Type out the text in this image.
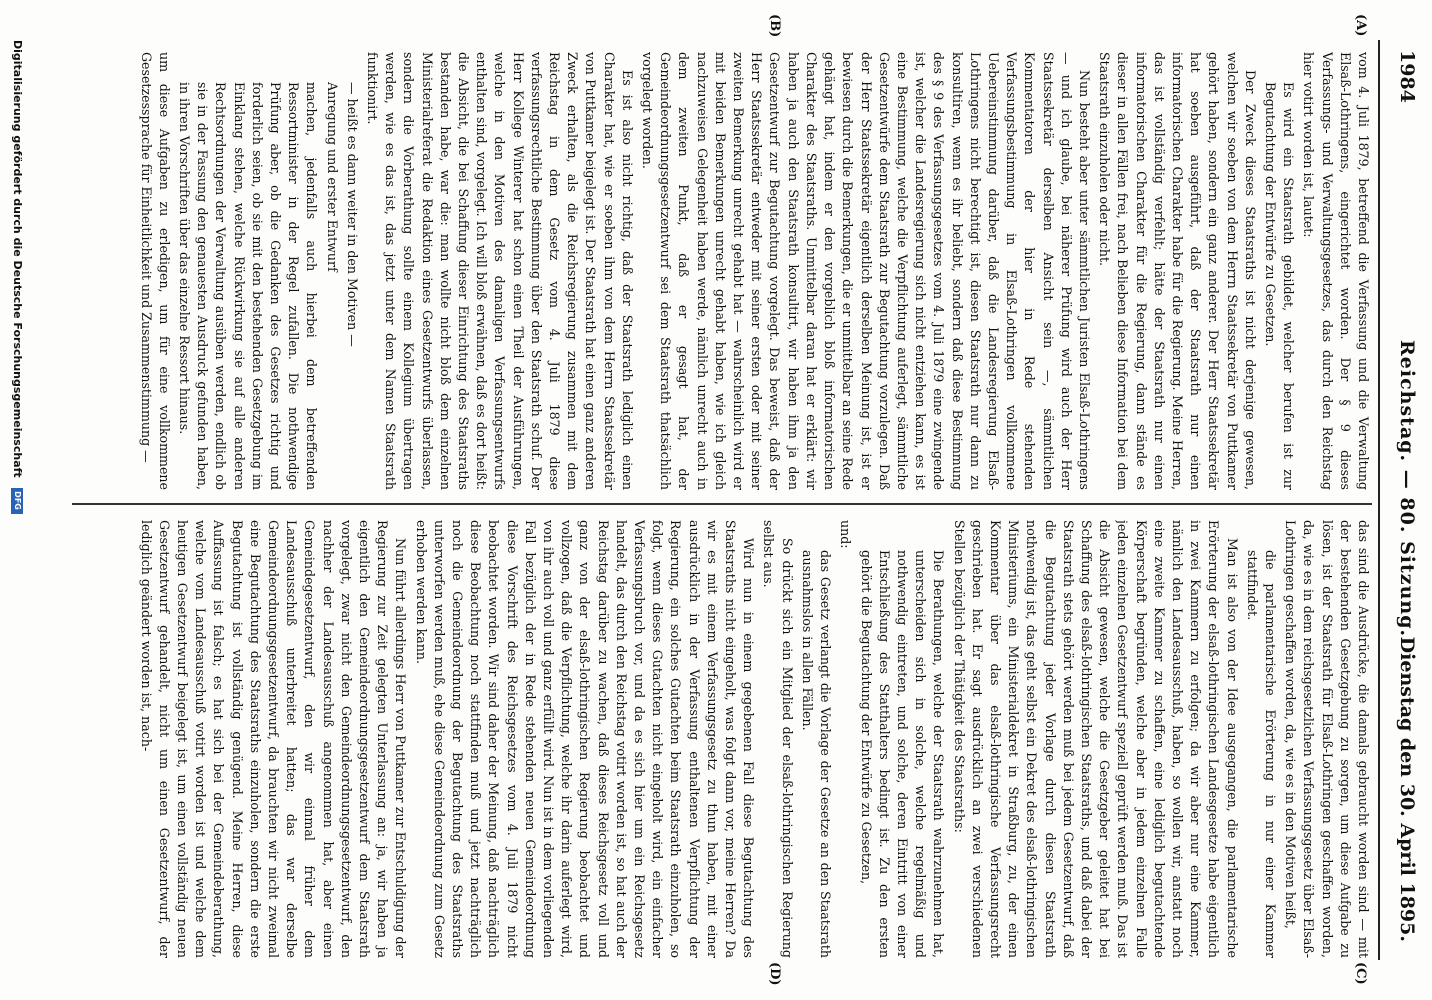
1984
Reichstag. — 80. Sitzung.
Dienstag den 30. April 1895.
(A)
(B)
(C)
(D)

vom 4. Juli 1879, betreffend die Verfassung und die Verwaltung Elsaß-Lothringens, eingerichtet worden. Der § 9 dieses Verfassungs- und Verwaltungsgesetzes, das durch den Reichstag hier votirt worden ist, lautet:

Es wird ein Staatsrath gebildet, welcher berufen ist zur Begutachtung der Entwürfe zu Gesetzen.

Der Zweck dieses Staatsraths ist nicht derjenige gewesen, welchen wir soeben von dem Herrn Staatssekretär von Puttkamer gehört haben, sondern ein ganz anderer. Der Herr Staatssekretär hat soeben ausgeführt, daß der Staatsrath nur einen informatorischen Charakter habe für die Regierung. Meine Herren, das ist vollständig verfehlt; hätte der Staatsrath nur einen informatorischen Charakter für die Regierung, dann stände es dieser in allen Fällen frei, nach Belieben diese Information bei dem Staatsrath einzuholen oder nicht.

Nun besteht aber unter sämmtlichen Juristen Elsaß-Lothringens — und ich glaube, bei näherer Prüfung wird auch der Herr Staatssekretär derselben Ansicht sein —, sämmtlichen Kommentatoren der hier in Rede stehenden Verfassungsbestimmung in Elsaß-Lothringen vollkommene Uebereinstimmung darüber, daß die Landesregierung Elsaß-Lothringens nicht berechtigt ist, diesen Staatsrath nur dann zu konsultiren, wenn es ihr beliebt, sondern daß diese Bestimmung des § 9 des Verfassungsgesetzes vom 4. Juli 1879 eine zwingende ist, welcher die Landesregierung sich nicht entziehen kann, es ist eine Bestimmung, welche die Verpflichtung auferlegt, sämmtliche Gesetzentwürfe dem Staatsrath zur Begutachtung vorzulegen. Daß der Herr Staatssekretär eigentlich derselben Meinung ist, ist er bewiesen durch die Bemerkungen, die er unmittelbar an seine Rede gehängt hat, indem er den vorgeblich bloß informatorischen Charakter des Staatsraths. Unmittelbar daran hat er erklärt: wir haben ja auch den Staatsrath konsultirt, wir haben ihm ja den Gesetzentwurf zur Begutachtung vorgelegt. Das beweist, daß der Herr Staatssekretär entweder mit seiner ersten oder mit seiner zweiten Bemerkung unrecht gehabt hat — wahrscheinlich wird er mit beiden Bemerkungen unrecht gehabt haben, wie ich gleich nachzuweisen Gelegenheit haben werde, nämlich unrecht auch in dem zweiten Punkt, daß er gesagt hat, der Gemeindeordnungsgesetzentwurf sei dem Staatsrath thatsächlich vorgelegt worden.

Es ist also nicht richtig, daß der Staatsrath lediglich einen Charakter hat, wie er soeben ihm von dem Herrn Staatssekretär von Puttkamer beigelegt ist. Der Staatsrath hat einen ganz anderen Zweck erhalten, als die Reichsregierung zusammen mit dem Reichstag in dem Gesetz vom 4. Juli 1879 diese verfassungsrechtliche Bestimmung über den Staatsrath schuf. Der Herr Kollege Winterer hat schon einen Theil der Ausführungen, welche in den Motiven des damaligen Verfassungsentwurfs enthalten sind, vorgelegt. Ich will bloß erwähnen, daß es dort heißt: die Absicht, die bei Schaffung dieser Einrichtung des Staatsraths bestanden habe, war die: man wollte nicht bloß dem einzelnen Ministerialreferat die Redaktion eines Gesetzentwurfs überlassen, sondern die Vorberathung sollte einem Kollegium übertragen werden, wie es das ist, das jetzt unter dem Namen Staatsrath funktionirt.

— heißt es dann weiter in den Motiven —

Anregung und erster Entwurf

machen, jedenfalls auch hierbei dem betreffenden Ressortminister in der Regel zufallen. Die nothwendige Prüfung aber, ob die Gedanken des Gesetzes richtig und forderlich seien, ob sie mit den bestehenden Gesetzgebung im Einklang stehen, welche Rückwirkung sie auf alle anderen Rechtsordnungen der Verwaltung ausüben werden, endlich ob sie in der Fassung den genauesten Ausdruck gefunden haben, in ihren Vorschriften über das einzelne Ressort hinaus.

um diese Aufgaben zu erledigen, um für eine vollkommene Gesetzessprache für Einheitlichkeit und Zusammenstimmung —

das sind die Ausdrücke, die damals gebraucht worden sind — mit der bestehenden Gesetzgebung zu sorgen, um diese Aufgabe zu lösen, ist der Staatsrath für Elsaß-Lothringen geschaffen worden, da, wie es in dem reichsgesetzlichen Verfassungsgesetz über Elsaß-Lothringen geschaffen worden, da, wie es in den Motiven heißt,

die parlamentarische Erörterung in nur einer Kammer stattfindet.

Man ist also von der Idee ausgegangen, die parlamentarische Erörterung der elsaß-lothringischen Landesgesetze habe eigentlich in zwei Kammern zu erfolgen; da wir aber nur eine Kammer, nämlich den Landesausschuß, haben, so wollen wir, anstatt noch eine zweite Kammer zu schaffen, eine lediglich begutachtende Körperschaft begründen, welche aber in jedem einzelnen Falle jeden einzelnen Gesetzentwurf speziell geprüft werden muß. Das ist die Absicht gewesen, welche die Gesetzgeber geleitet hat bei Schaffung des elsaß-lothringischen Staatsraths, und daß dabei der Staatsrath stets gehört werden muß bei jedem Gesetzentwurf, daß die Begutachtung jeder Vorlage durch diesen Staatsrath nothwendig ist, das geht selbst ein Dekret des elsaß-lothringischen Ministeriums, ein Ministerialdekret in Straßburg, zu, der einen Kommentar über das elsaß-lothringische Verfassungsrecht geschrieben hat. Er sagt ausdrücklich an zwei verschiedenen Stellen bezüglich der Thätigkeit des Staatsraths:

Die Berathungen, welche der Staatsrath wahrzunehmen hat, unterscheiden sich in solche, welche regelmäßig und nothwendig eintreten, und solche, deren Eintritt von einer Entschließung des Statthalters bedingt ist. Zu den ersten gehört die Begutachtung der Entwürfe zu Gesetzen,

und:

das Gesetz verlangt die Vorlage der Gesetze an den Staatsrath ausnahmslos in allen Fällen.

So drückt sich ein Mitglied der elsaß-lothringischen Regierung selbst aus.

Wird nun in einem gegebenen Fall diese Begutachtung des Staatsraths nicht eingeholt, was folgt dann vor, meine Herren? Da wir es mit einem Verfassungsgesetz zu thun haben, mit einer ausdrücklich in der Verfassung enthaltenen Verpflichtung der Regierung, ein solches Gutachten beim Staatsrath einzuholen, so folgt, wenn dieses Gutachten nicht eingeholt wird, ein einfacher Verfassungsbruch vor, und da es sich hier um ein Reichsgesetz handelt, das durch den Reichstag votirt worden ist, so hat auch der Reichstag darüber zu wachen, daß dieses Reichsgesetz voll und ganz von der elsaß-lothringischen Regierung beobachtet und vollzogen, daß die Verpflichtung, welche ihr darin auferlegt wird, von ihr auch voll und ganz erfüllt wird. Nun ist in dem vorliegenden Fall bezüglich der in Rede stehenden neuen Gemeindeordnung diese Vorschrift des Reichsgesetzes vom 4. Juli 1879 nicht beobachtet worden. Wir sind daher der Meinung, daß nachträglich diese Beobachtung noch stattfinden muß und jetzt nachträglich noch die Gemeindeordnung der Begutachtung des Staatsraths unterworfen werden muß, ehe diese Gemeindeordnung zum Gesetz erhoben werden kann.

Nun führt allerdings Herr von Puttkamer zur Entschuldigung der Regierung zur Zeit gelegten Unterlassung an: ja, wir haben ja eigentlich den Gemeindeordnungsgesetzentwurf dem Staatsrath vorgelegt, zwar nicht den Gemeindeordnungsgesetzentwurf, den nachher der Landesausschuß angenommen hat, aber einen Gemeindegesetzentwurf, den wir einmal früher dem Landesausschuß unterbreitet hatten; das war derselbe Gemeindeordnungsgesetzentwurf, da brauchten wir nicht zweimal eine Begutachtung des Staatsraths einzuholen, sondern die erste Begutachtung ist vollständig genügend. Meine Herren, diese Auffassung ist falsch; es hat sich bei der Gemeindeberathung, welche vom Landesausschuß votirt worden ist und welche dem heutigen Gesetzentwurf beigelegt ist, um einen vollständig neuen Gesetzentwurf gehandelt, nicht um einen Gesetzentwurf, der lediglich geändert worden ist, nach-

Digitalisierung gefördert durch die Deutsche Forschungsgemeinschaft DFG
